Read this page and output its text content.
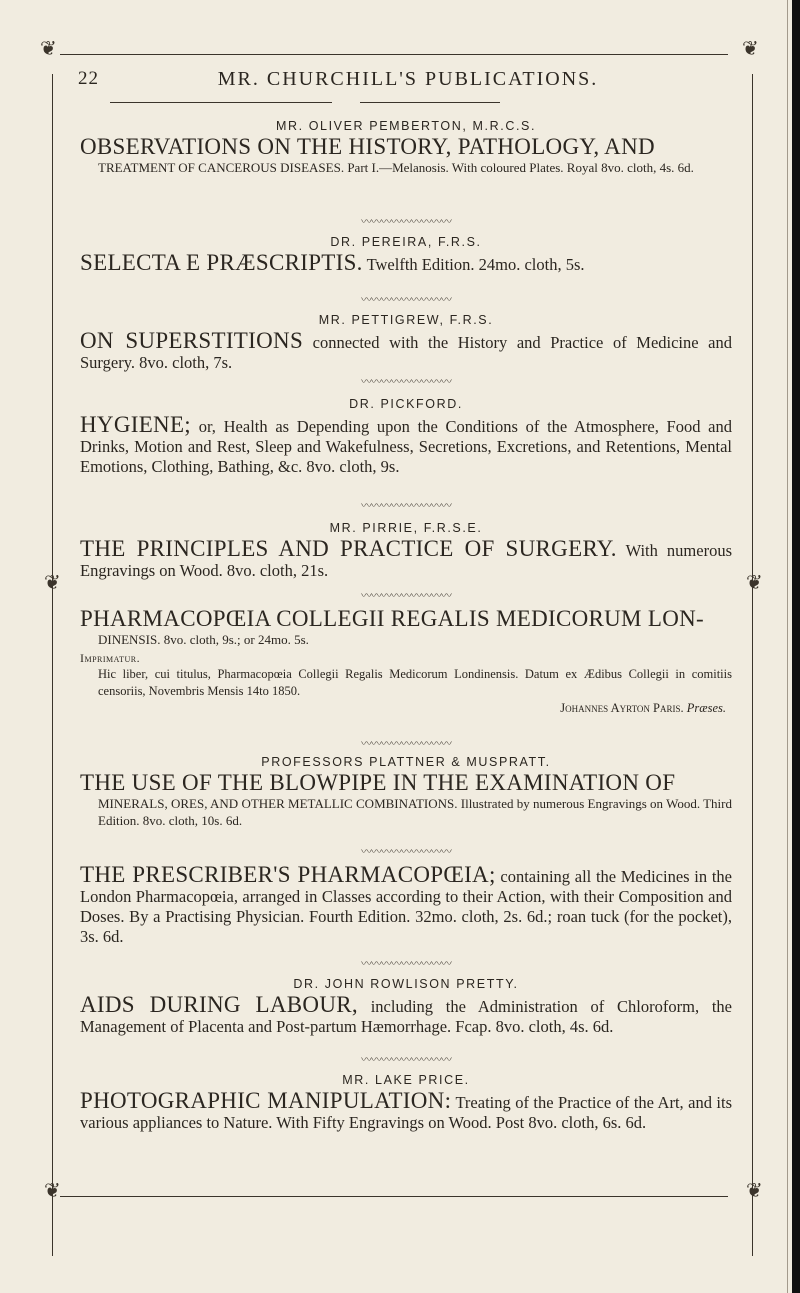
❦	❦
❦	❦
❦	❦
22	MR. CHURCHILL'S PUBLICATIONS.

MR. OLIVER PEMBERTON, M.R.C.S.

OBSERVATIONS ON THE HISTORY, PATHOLOGY, AND

TREATMENT OF CANCEROUS DISEASES. Part I.—Melanosis. With coloured Plates. Royal 8vo. cloth, 4s. 6d.

〰〰〰〰〰〰〰〰〰

DR. PEREIRA, F.R.S.

SELECTA E PRÆSCRIPTIS. Twelfth Edition. 24mo. cloth, 5s.

〰〰〰〰〰〰〰〰〰

MR. PETTIGREW, F.R.S.

ON SUPERSTITIONS connected with the History and Practice of Medicine and Surgery. 8vo. cloth, 7s.

〰〰〰〰〰〰〰〰〰

DR. PICKFORD.

HYGIENE; or, Health as Depending upon the Conditions of the Atmosphere, Food and Drinks, Motion and Rest, Sleep and Wakefulness, Secretions, Excretions, and Retentions, Mental Emotions, Clothing, Bathing, &c. 8vo. cloth, 9s.

〰〰〰〰〰〰〰〰〰

MR. PIRRIE, F.R.S.E.

THE PRINCIPLES AND PRACTICE OF SURGERY. With numerous Engravings on Wood. 8vo. cloth, 21s.

〰〰〰〰〰〰〰〰〰

PHARMACOPŒIA COLLEGII REGALIS MEDICORUM LON-

DINENSIS. 8vo. cloth, 9s.; or 24mo. 5s.

Imprimatur.

Hic liber, cui titulus, Pharmacopœia Collegii Regalis Medicorum Londinensis. Datum ex Ædibus Collegii in comitiis censoriis, Novembris Mensis 14to 1850.

Johannes Ayrton Paris. Præses.

〰〰〰〰〰〰〰〰〰

PROFESSORS PLATTNER & MUSPRATT.

THE USE OF THE BLOWPIPE IN THE EXAMINATION OF

MINERALS, ORES, AND OTHER METALLIC COMBINATIONS. Illustrated by numerous Engravings on Wood. Third Edition. 8vo. cloth, 10s. 6d.

〰〰〰〰〰〰〰〰〰

THE PRESCRIBER'S PHARMACOPŒIA; containing all the Medicines in the London Pharmacopœia, arranged in Classes according to their Action, with their Composition and Doses. By a Practising Physician. Fourth Edition. 32mo. cloth, 2s. 6d.; roan tuck (for the pocket), 3s. 6d.

〰〰〰〰〰〰〰〰〰

DR. JOHN ROWLISON PRETTY.

AIDS DURING LABOUR, including the Administration of Chloroform, the Management of Placenta and Post-partum Hæmorrhage. Fcap. 8vo. cloth, 4s. 6d.

〰〰〰〰〰〰〰〰〰

MR. LAKE PRICE.

PHOTOGRAPHIC MANIPULATION: Treating of the Practice of the Art, and its various appliances to Nature. With Fifty Engravings on Wood. Post 8vo. cloth, 6s. 6d.
